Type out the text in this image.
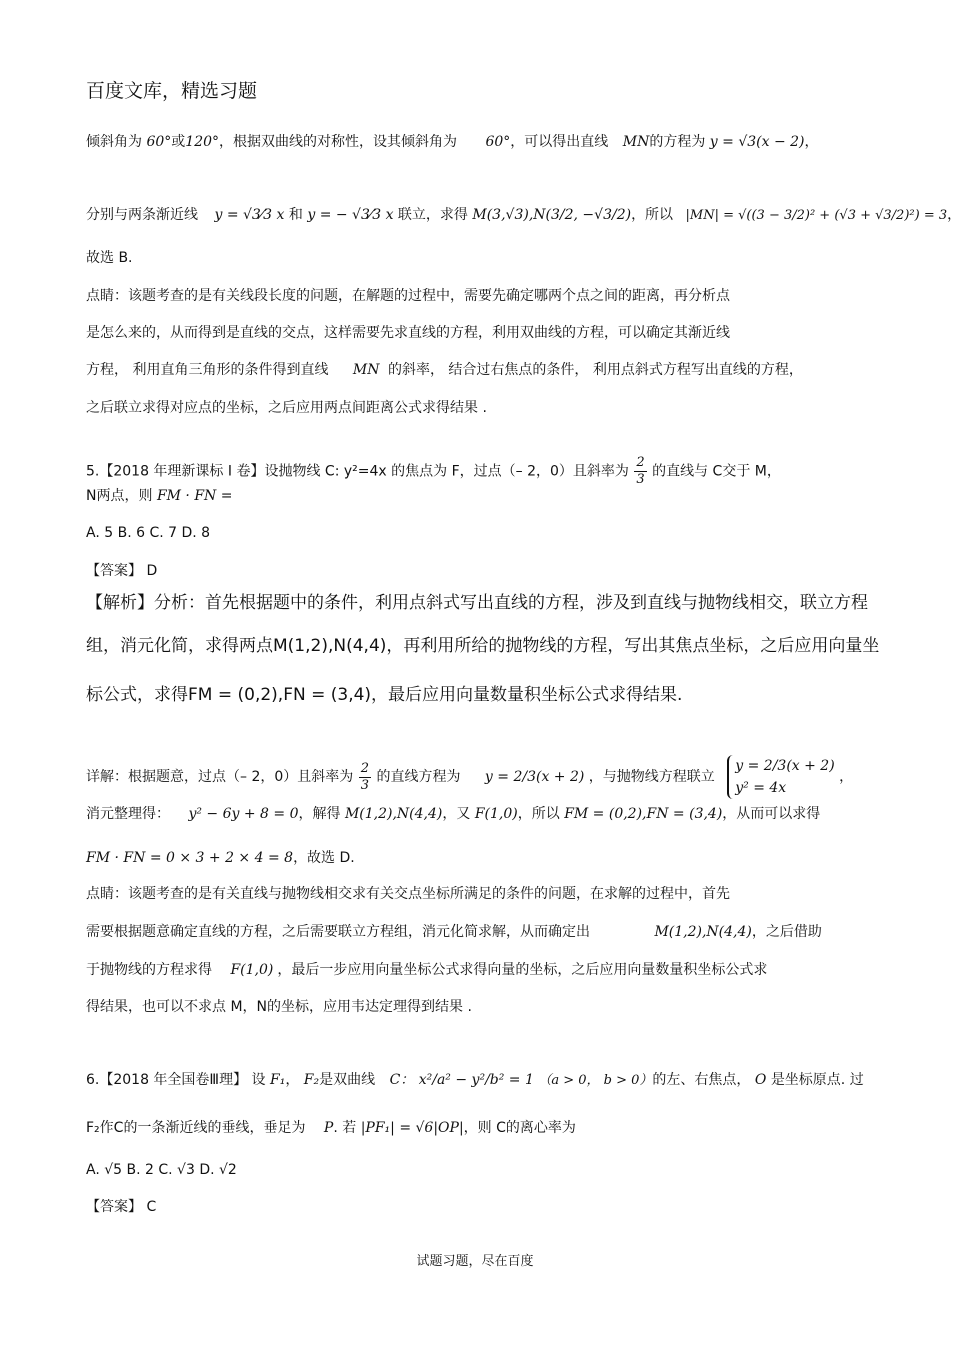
百度文库，精选习题
倾斜角为 60°或120°，根据双曲线的对称性，设其倾斜角为 60°，可以得出直线 MN的方程为 y = √3(x − 2)，
分别与两条渐近线 y = √3⁄3 x 和 y = − √3⁄3 x 联立，求得 M(3,√3),N(3/2, −√3/2)，所以 |MN| = √((3 − 3/2)² + (√3 + √3/2)²) = 3，
故选 B.
点睛：该题考查的是有关线段长度的问题，在解题的过程中，需要先确定哪两个点之间的距离，再分析点
是怎么来的，从而得到是直线的交点，这样需要先求直线的方程，利用双曲线的方程，可以确定其渐近线
方程， 利用直角三角形的条件得到直线 MN 的斜率， 结合过右焦点的条件， 利用点斜式方程写出直线的方程，
之后联立求得对应点的坐标，之后应用两点间距离公式求得结果 .
5.【2018 年理新课标 Ⅰ 卷】设抛物线 C: y²=4x 的焦点为 F，过点（– 2，0）且斜率为 $\frac{2}{3}$ 的直线与 C交于 M，
N两点，则 FM · FN =
A. 5 B. 6 C. 7 D. 8
【答案】 D
【解析】分析：首先根据题中的条件，利用点斜式写出直线的方程，涉及到直线与抛物线相交，联立方程
组，消元化简，求得两点M(1,2),N(4,4)，再利用所给的抛物线的方程，写出其焦点坐标，之后应用向量坐
标公式，求得FM = (0,2),FN = (3,4)，最后应用向量数量积坐标公式求得结果.
详解：根据题意，过点（– 2，0）且斜率为 $\frac{2}{3}$ 的直线方程为 y = 2/3(x + 2) ，与抛物线方程联立
y = 2/3(x + 2)
y² = 4x
，
消元整理得： y² − 6y + 8 = 0，解得 M(1,2),N(4,4)，又 F(1,0)，所以 FM = (0,2),FN = (3,4)，从而可以求得
FM · FN = 0 × 3 + 2 × 4 = 8，故选 D.
点睛：该题考查的是有关直线与抛物线相交求有关交点坐标所满足的条件的问题，在求解的过程中，首先
需要根据题意确定直线的方程，之后需要联立方程组，消元化简求解，从而确定出	M(1,2),N(4,4)，之后借助
于抛物线的方程求得 F(1,0) ，最后一步应用向量坐标公式求得向量的坐标，之后应用向量数量积坐标公式求
得结果，也可以不求点 M，N的坐标，应用韦达定理得到结果 .
6.【2018 年全国卷Ⅲ理】 设 F₁， F₂是双曲线 C： x²/a² − y²/b² = 1 （a > 0， b > 0）的左、右焦点， O 是坐标原点. 过
F₂作C的一条渐近线的垂线，垂足为 P. 若 |PF₁| = √6|OP|，则 C的离心率为
A. √5 B. 2 C. √3 D. √2
【答案】 C
试题习题，尽在百度
